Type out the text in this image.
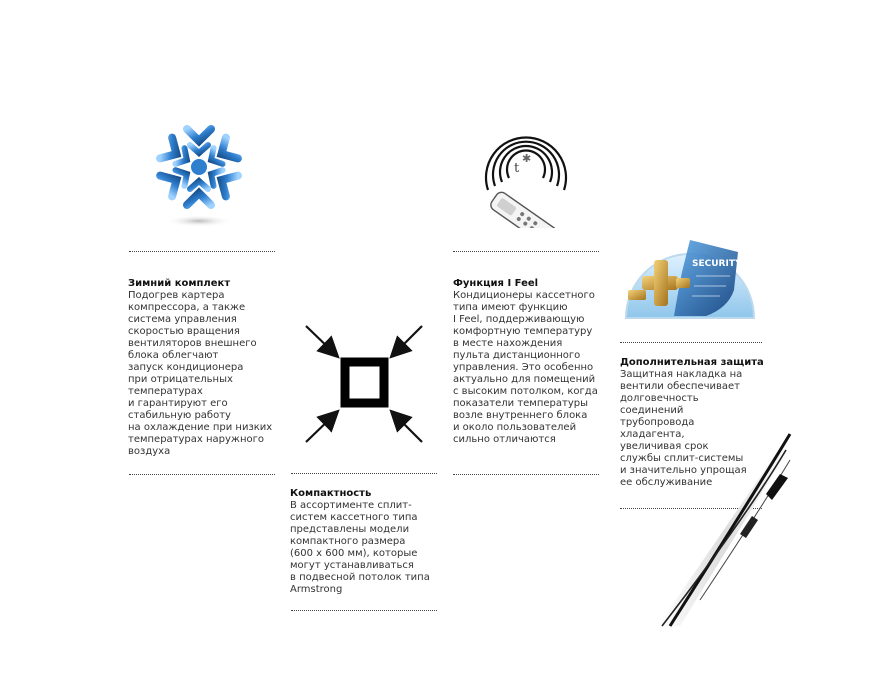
Зимний комплект
Подогрев картера
компрессора, а также
система управления
скоростью вращения
вентиляторов внешнего
блока облегчают
запуск кондиционера
при отрицательных
температурах
и гарантируют его
стабильную работу
на охлаждение при низких
температурах наружного
воздуха
Компактность
В ассортименте сплит-
систем кассетного типа
представлены модели
компактного размера
(600 х 600 мм), которые
могут устанавливаться
в подвесной потолок типа
Armstrong
t
✱
Функция I Feel
Кондиционеры кассетного
типа имеют функцию
I Feel, поддерживающую
комфортную температуру
в месте нахождения
пульта дистанционного
управления. Это особенно
актуально для помещений
с высоким потолком, когда
показатели температуры
возле внутреннего блока
и около пользователей
сильно отличаются
SECURITY
Дополнительная защита
Защитная накладка на
вентили обеспечивает
долговечность
соединений
трубопровода
хладагента,
увеличивая срок
службы сплит-системы
и значительно упрощая
ее обслуживание
